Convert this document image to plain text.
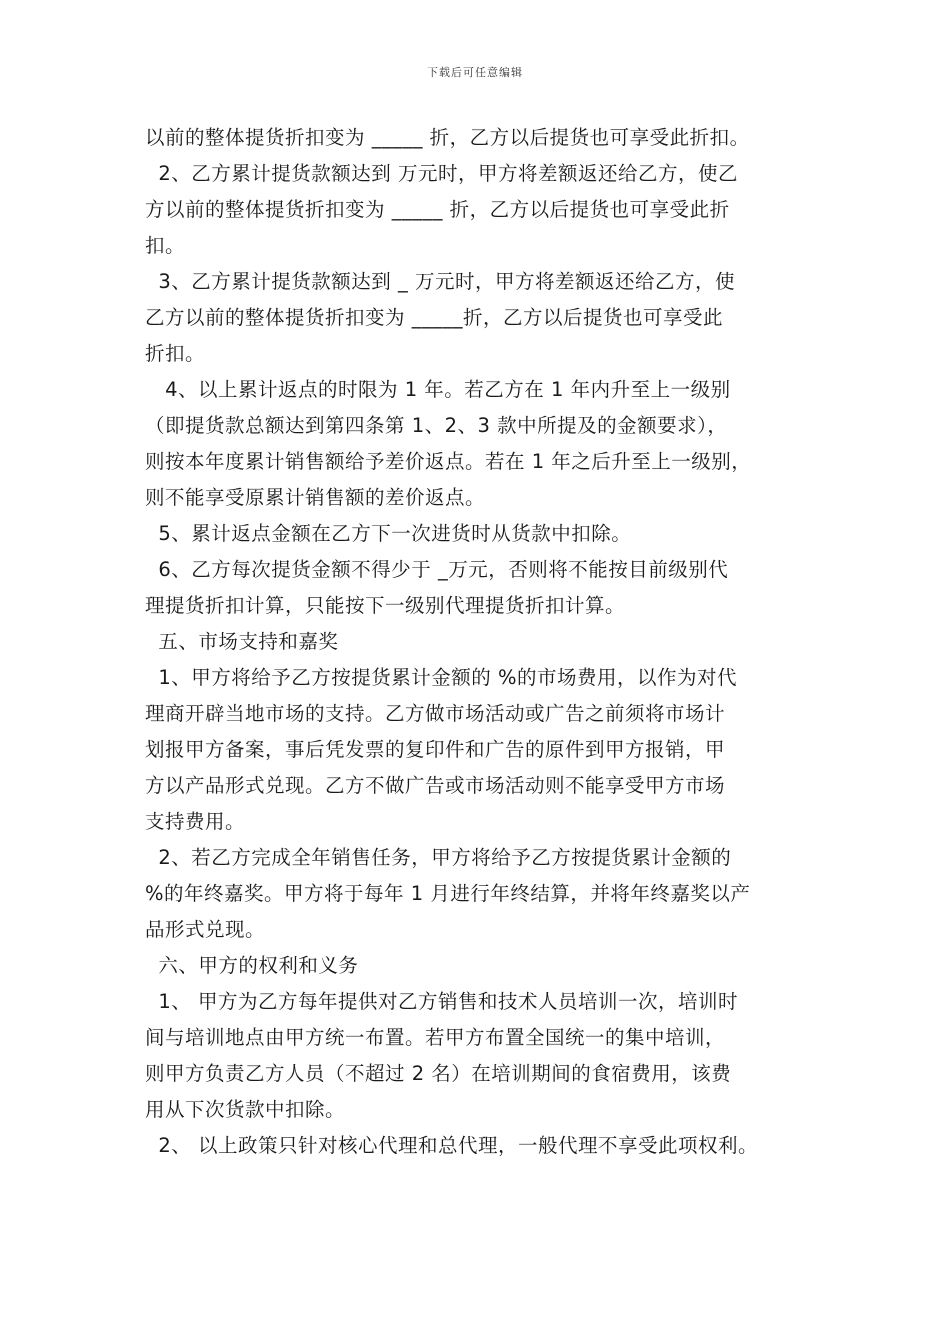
下载后可任意编辑
以前的整体提货折扣变为 _____ 折，乙方以后提货也可享受此折扣。
2、乙方累计提货款额达到 万元时，甲方将差额返还给乙方，使乙
方以前的整体提货折扣变为 _____ 折，乙方以后提货也可享受此折
扣。
3、乙方累计提货款额达到 _ 万元时，甲方将差额返还给乙方，使
乙方以前的整体提货折扣变为 _____折，乙方以后提货也可享受此
折扣。
4、以上累计返点的时限为 1 年。若乙方在 1 年内升至上一级别
（即提货款总额达到第四条第 1、2、3 款中所提及的金额要求），
则按本年度累计销售额给予差价返点。若在 1 年之后升至上一级别，
则不能享受原累计销售额的差价返点。
5、累计返点金额在乙方下一次进货时从货款中扣除。
6、乙方每次提货金额不得少于 _万元，否则将不能按目前级别代
理提货折扣计算，只能按下一级别代理提货折扣计算。
五、市场支持和嘉奖
1、甲方将给予乙方按提货累计金额的 %的市场费用，以作为对代
理商开辟当地市场的支持。乙方做市场活动或广告之前须将市场计
划报甲方备案，事后凭发票的复印件和广告的原件到甲方报销，甲
方以产品形式兑现。乙方不做广告或市场活动则不能享受甲方市场
支持费用。
2、若乙方完成全年销售任务，甲方将给予乙方按提货累计金额的
%的年终嘉奖。甲方将于每年 1 月进行年终结算，并将年终嘉奖以产
品形式兑现。
六、甲方的权利和义务
1、 甲方为乙方每年提供对乙方销售和技术人员培训一次，培训时
间与培训地点由甲方统一布置。若甲方布置全国统一的集中培训，
则甲方负责乙方人员（不超过 2 名）在培训期间的食宿费用，该费
用从下次货款中扣除。
2、 以上政策只针对核心代理和总代理，一般代理不享受此项权利。
